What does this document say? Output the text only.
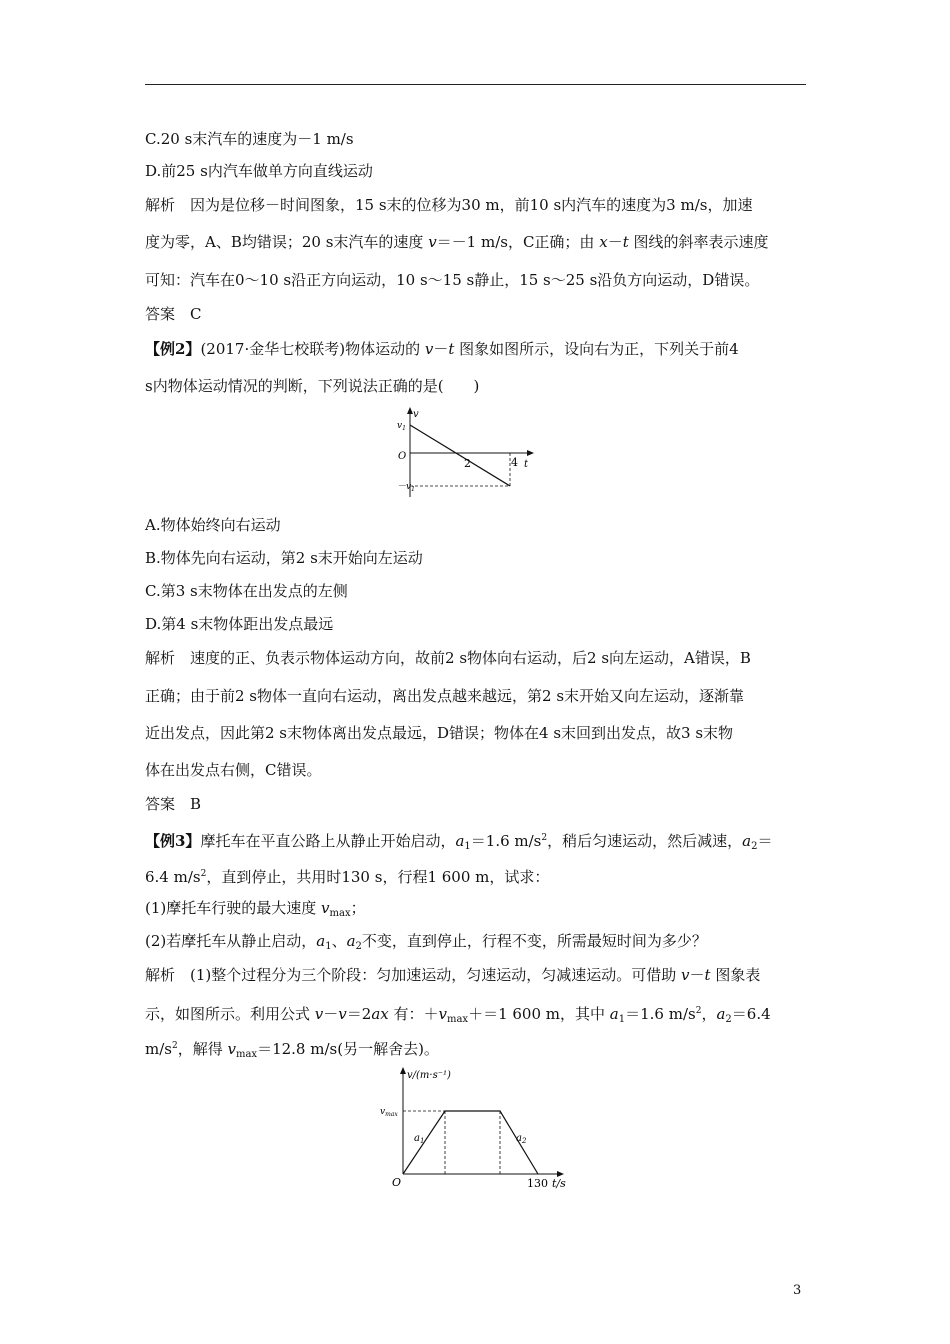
C.20 s末汽车的速度为－1 m/s
D.前25 s内汽车做单方向直线运动
解析　因为是位移－时间图象，15 s末的位移为30 m，前10 s内汽车的速度为3 m/s，加速
度为零，A、B均错误；20 s末汽车的速度 v＝－1 m/s，C正确；由 x－t 图线的斜率表示速度
可知：汽车在0～10 s沿正方向运动，10 s～15 s静止，15 s～25 s沿负方向运动，D错误。
答案　C
【例2】(2017·金华七校联考)物体运动的 v－t 图象如图所示，设向右为正，下列关于前4
s内物体运动情况的判断，下列说法正确的是(　　)
v
$v_1$
O
2	4 t
$-v_1$
A.物体始终向右运动
B.物体先向右运动，第2 s末开始向左运动
C.第3 s末物体在出发点的左侧
D.第4 s末物体距出发点最远
解析　速度的正、负表示物体运动方向，故前2 s物体向右运动，后2 s向左运动，A错误，B
正确；由于前2 s物体一直向右运动，离出发点越来越远，第2 s末开始又向左运动，逐渐靠
近出发点，因此第2 s末物体离出发点最远，D错误；物体在4 s末回到出发点，故3 s末物
体在出发点右侧，C错误。
答案　B
【例3】摩托车在平直公路上从静止开始启动，$a_1=1.6$ $m/s^2$，稍后匀速运动，然后减速，$a_2=$
6.4 $m/s^2$，直到停止，共用时130 s，行程1 600 m，试求：
(1)摩托车行驶的最大速度 $v_{max}$；
(2)若摩托车从静止启动，$a_1$、$a_2$不变，直到停止，行程不变，所需最短时间为多少？
解析　(1)整个过程分为三个阶段：匀加速运动，匀速运动，匀减速运动。可借助 v－t 图象表
示，如图所示。利用公式 v－v＝2ax 有：$+v_{max}+=1$ 600 m，其中 $a_1=1.6$ $m/s^2$，$a_2=6.4$
$m/s^2$，解得 $v_{max}=12.8$ m/s(另一解舍去)。
v/(m·s⁻¹)
$v_{max}$
$a_1$	$a_2$
O	130 t/s
3
